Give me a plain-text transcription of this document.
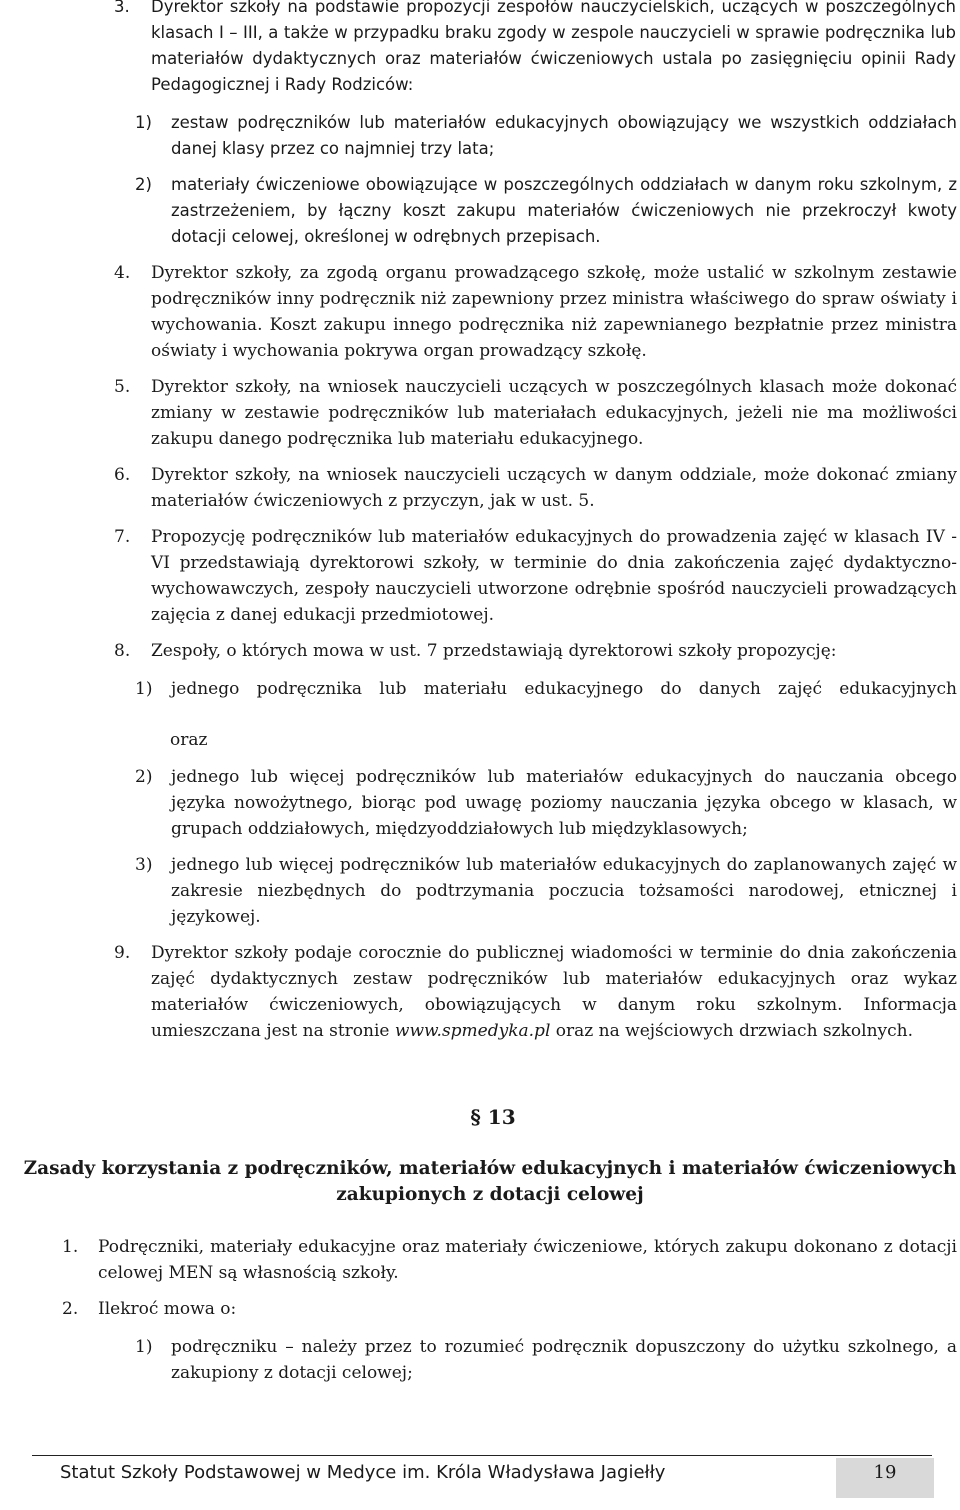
3.	Dyrektor szkoły na podstawie propozycji zespołów nauczycielskich, uczących w poszczególnych klasach I – III, a także w przypadku braku zgody w zespole nauczycieli w sprawie podręcznika lub materiałów dydaktycznych oraz materiałów ćwiczeniowych ustala po zasięgnięciu opinii Rady Pedagogicznej i Rady Rodziców:
1)	zestaw podręczników lub materiałów edukacyjnych obowiązujący we wszystkich oddziałach danej klasy przez co najmniej trzy lata;
2)	materiały ćwiczeniowe obowiązujące w poszczególnych oddziałach w danym roku szkolnym, z zastrzeżeniem, by łączny koszt zakupu materiałów ćwiczeniowych nie przekroczył kwoty dotacji celowej, określonej w odrębnych przepisach.
4.	Dyrektor szkoły, za zgodą organu prowadzącego szkołę, może ustalić w szkolnym zestawie podręczników inny podręcznik niż zapewniony przez ministra właściwego do spraw oświaty i wychowania. Koszt zakupu innego podręcznika niż zapewnianego bezpłatnie przez ministra oświaty i wychowania pokrywa organ prowadzący szkołę.
5.	Dyrektor szkoły, na wniosek nauczycieli uczących w poszczególnych klasach może dokonać zmiany w zestawie podręczników lub materiałach edukacyjnych, jeżeli nie ma możliwości zakupu danego podręcznika lub materiału edukacyjnego.
6.	Dyrektor szkoły, na wniosek nauczycieli uczących w danym oddziale, może dokonać zmiany materiałów ćwiczeniowych z przyczyn, jak w ust. 5.
7.	Propozycję podręczników lub materiałów edukacyjnych do prowadzenia zajęć w klasach IV - VI przedstawiają dyrektorowi szkoły, w terminie do dnia zakończenia zajęć dydaktyczno-wychowawczych, zespoły nauczycieli utworzone odrębnie spośród nauczycieli prowadzących zajęcia z danej edukacji przedmiotowej.
8.	Zespoły, o których mowa w ust. 7 przedstawiają dyrektorowi szkoły propozycję:
1)	jednego podręcznika lub materiału edukacyjnego do danych zajęć edukacyjnych
oraz
2)	jednego lub więcej podręczników lub materiałów edukacyjnych do nauczania obcego języka nowożytnego, biorąc pod uwagę poziomy nauczania języka obcego w klasach, w grupach oddziałowych, międzyoddziałowych lub międzyklasowych;
3)	jednego lub więcej podręczników lub materiałów edukacyjnych do zaplanowanych zajęć w zakresie niezbędnych do podtrzymania poczucia tożsamości narodowej, etnicznej i językowej.
9.	Dyrektor szkoły podaje corocznie do publicznej wiadomości w terminie do dnia zakończenia zajęć dydaktycznych zestaw podręczników lub materiałów edukacyjnych oraz wykaz materiałów ćwiczeniowych, obowiązujących w danym roku szkolnym. Informacja umieszczana jest na stronie www.spmedyka.pl oraz na wejściowych drzwiach szkolnych.
§ 13
Zasady korzystania z podręczników, materiałów edukacyjnych i materiałów ćwiczeniowych zakupionych z dotacji celowej
1.	Podręczniki, materiały edukacyjne oraz materiały ćwiczeniowe, których zakupu dokonano z dotacji celowej MEN są własnością szkoły.
2.	Ilekroć mowa o:
1)	podręczniku – należy przez to rozumieć podręcznik dopuszczony do użytku szkolnego, a zakupiony z dotacji celowej;
Statut Szkoły Podstawowej w Medyce im. Króla Władysława Jagiełły	19
